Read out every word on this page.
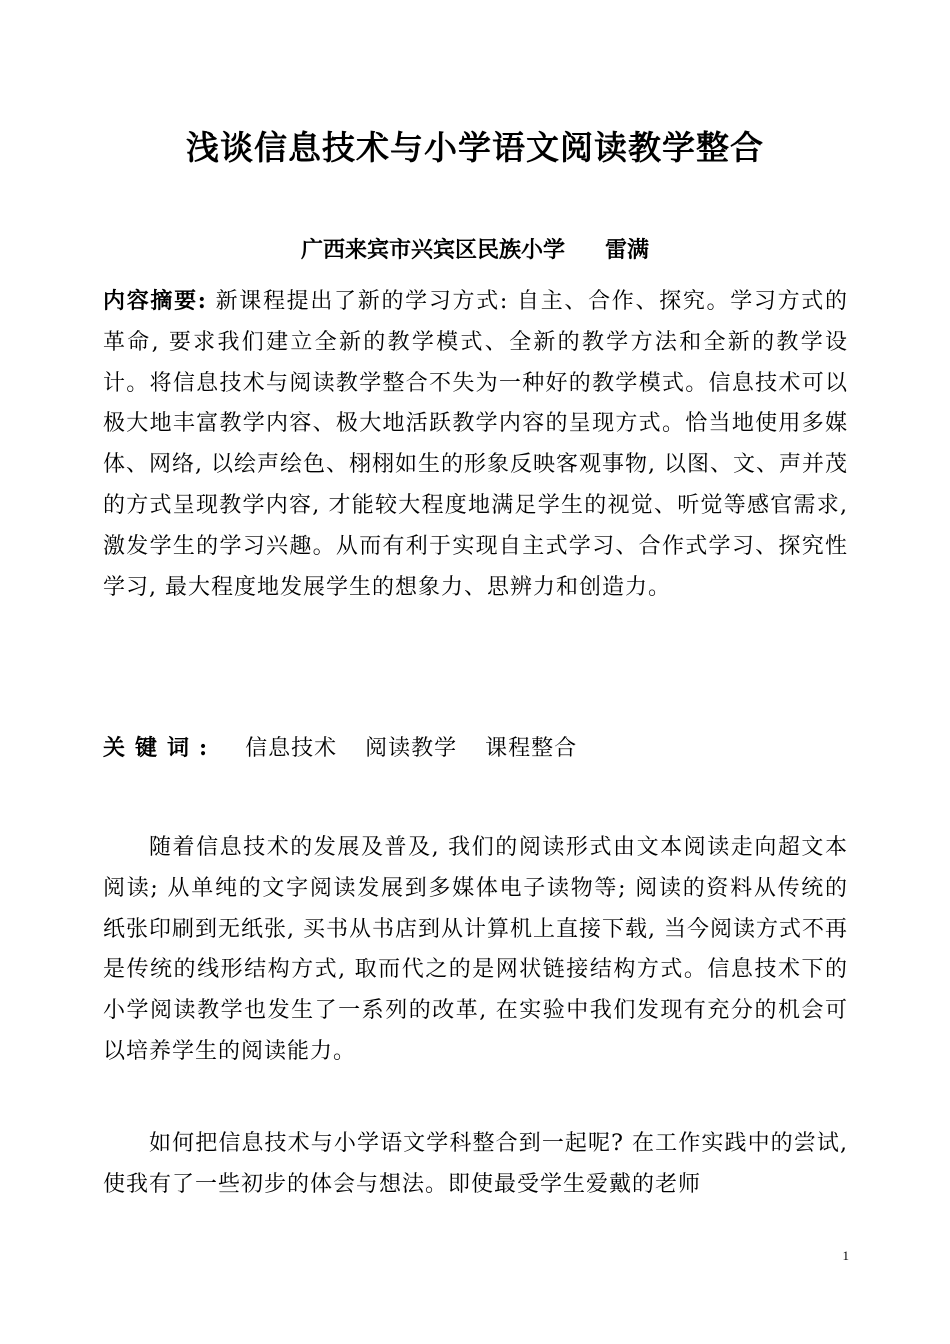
浅谈信息技术与小学语文阅读教学整合
广西来宾市兴宾区民族小学 雷满

内容摘要: 新课程提出了新的学习方式: 自主、合作、探究。学习方式的革命, 要求我们建立全新的教学模式、全新的教学方法和全新的教学设计。将信息技术与阅读教学整合不失为一种好的教学模式。信息技术可以极大地丰富教学内容、极大地活跃教学内容的呈现方式。恰当地使用多媒体、网络, 以绘声绘色、栩栩如生的形象反映客观事物, 以图、文、声并茂的方式呈现教学内容, 才能较大程度地满足学生的视觉、听觉等感官需求, 激发学生的学习兴趣。从而有利于实现自主式学习、合作式学习、探究性学习, 最大程度地发展学生的想象力、思辨力和创造力。

关键词: 信息技术 阅读教学 课程整合

随着信息技术的发展及普及, 我们的阅读形式由文本阅读走向超文本阅读; 从单纯的文字阅读发展到多媒体电子读物等; 阅读的资料从传统的纸张印刷到无纸张, 买书从书店到从计算机上直接下载, 当今阅读方式不再是传统的线形结构方式, 取而代之的是网状链接结构方式。信息技术下的小学阅读教学也发生了一系列的改革, 在实验中我们发现有充分的机会可以培养学生的阅读能力。

如何把信息技术与小学语文学科整合到一起呢? 在工作实践中的尝试, 使我有了一些初步的体会与想法。即使最受学生爱戴的老师

1
